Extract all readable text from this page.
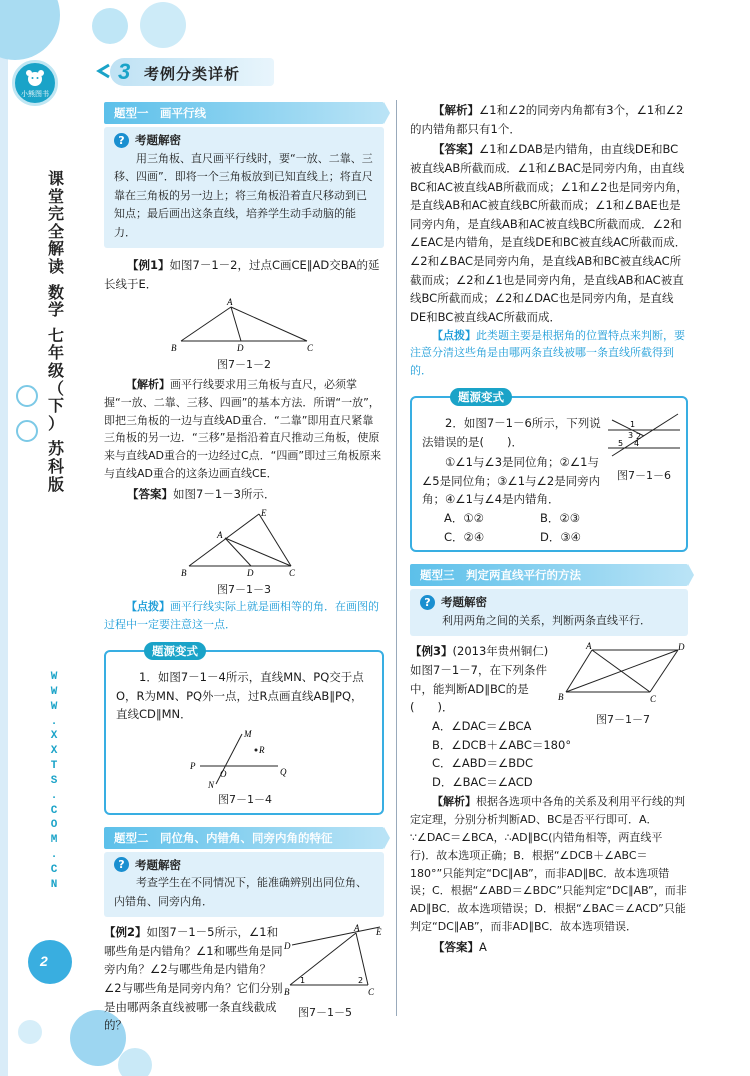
小熊图书
3 考例分类详析
课
堂
完
全
解
读

数
学

七
年
级
（
下
）

苏
科
版
W
W
W
.
X
X
T
S
.
C
O
M
.
C
N
2
题型一　画平行线
? 考题解密
用三角板、直尺画平行线时，要“一放、二靠、三移、四画”．即将一个三角板放到已知直线上；将直尺靠在三角板的另一边上；将三角板沿着直尺移动到已知点；最后画出这条直线，培养学生动手动脑的能力．
【例1】如图7－1－2，过点C画CE∥AD交BA的延长线于E．
A
B	D	C
图7－1－2
【解析】画平行线要求用三角板与直尺，必须掌握“一放、二靠、三移、四画”的基本方法．所谓“一放”，即把三角板的一边与直线AD重合．“二靠”即用直尺紧靠三角板的另一边．“三移”是指沿着直尺推动三角板，使原来与直线AD重合的一边经过C点．“四画”即过三角板原来与直线AD重合的这条边画直线CE．
【答案】如图7－1－3所示．
E
A
B	D	C
图7－1－3
【点拨】画平行线实际上就是画相等的角．在画图的过程中一定要注意这一点．
题源变式
1．如图7－1－4所示，直线MN、PQ交于点O，R为MN、PQ外一点，过R点画直线AB∥PQ，直线CD∥MN．
M
R
P
O	Q
N
图7－1－4
题型二　同位角、内错角、同旁内角的特征
? 考题解密
考查学生在不同情况下，能准确辨别出同位角、内错角、同旁内角．
【例2】如图7－1－5所示，∠1和哪些角是内错角？∠1和哪些角是同旁内角？∠2与哪些角是内错角？∠2与哪些角是同旁内角？它们分别是由哪两条直线被哪一条直线截成的？
A E
D
B	C
1	2
图7－1－5
【解析】∠1和∠2的同旁内角都有3个，∠1和∠2的内错角都只有1个．
【答案】∠1和∠DAB是内错角，由直线DE和BC被直线AB所截而成．∠1和∠BAC是同旁内角，由直线BC和AC被直线AB所截而成；∠1和∠2也是同旁内角，是直线AB和AC被直线BC所截而成；∠1和∠BAE也是同旁内角，是直线AB和AC被直线BC所截而成．∠2和∠EAC是内错角，是直线DE和BC被直线AC所截而成．∠2和∠BAC是同旁内角，是直线AB和BC被直线AC所截而成；∠2和∠1也是同旁内角，是直线AB和AC被直线BC所截而成；∠2和∠DAC也是同旁内角，是直线DE和BC被直线AC所截而成．
【点拨】此类题主要是根据角的位置特点来判断，要注意分清这些角是由哪两条直线被哪一条直线所截得到的．
题源变式
2．如图7－1－6所示，下列说法错误的是(　　)．
①∠1与∠3是同位角；②∠1与∠5是同位角；③∠1与∠2是同旁内角；④∠1与∠4是内错角．
1
2
3
4
5
图7－1－6
A．①②	B．②③
C．②④	D．③④
题型三　判定两直线平行的方法
? 考题解密
利用两角之间的关系，判断两条直线平行．
【例3】(2013年贵州铜仁)如图7－1－7，在下列条件中，能判断AD∥BC的是(　　)．
A	D
B	C
图7－1－7
A．∠DAC＝∠BCA
B．∠DCB＋∠ABC＝180°
C．∠ABD＝∠BDC
D．∠BAC＝∠ACD
【解析】根据各选项中各角的关系及利用平行线的判定定理，分别分析判断AD、BC是否平行即可．A．∵∠DAC＝∠BCA，∴AD∥BC(内错角相等，两直线平行)．故本选项正确；B．根据“∠DCB＋∠ABC＝180°”只能判定“DC∥AB”，而非AD∥BC．故本选项错误；C．根据“∠ABD＝∠BDC”只能判定“DC∥AB”，而非AD∥BC．故本选项错误；D．根据“∠BAC＝∠ACD”只能判定“DC∥AB”，而非AD∥BC．故本选项错误．
【答案】A
